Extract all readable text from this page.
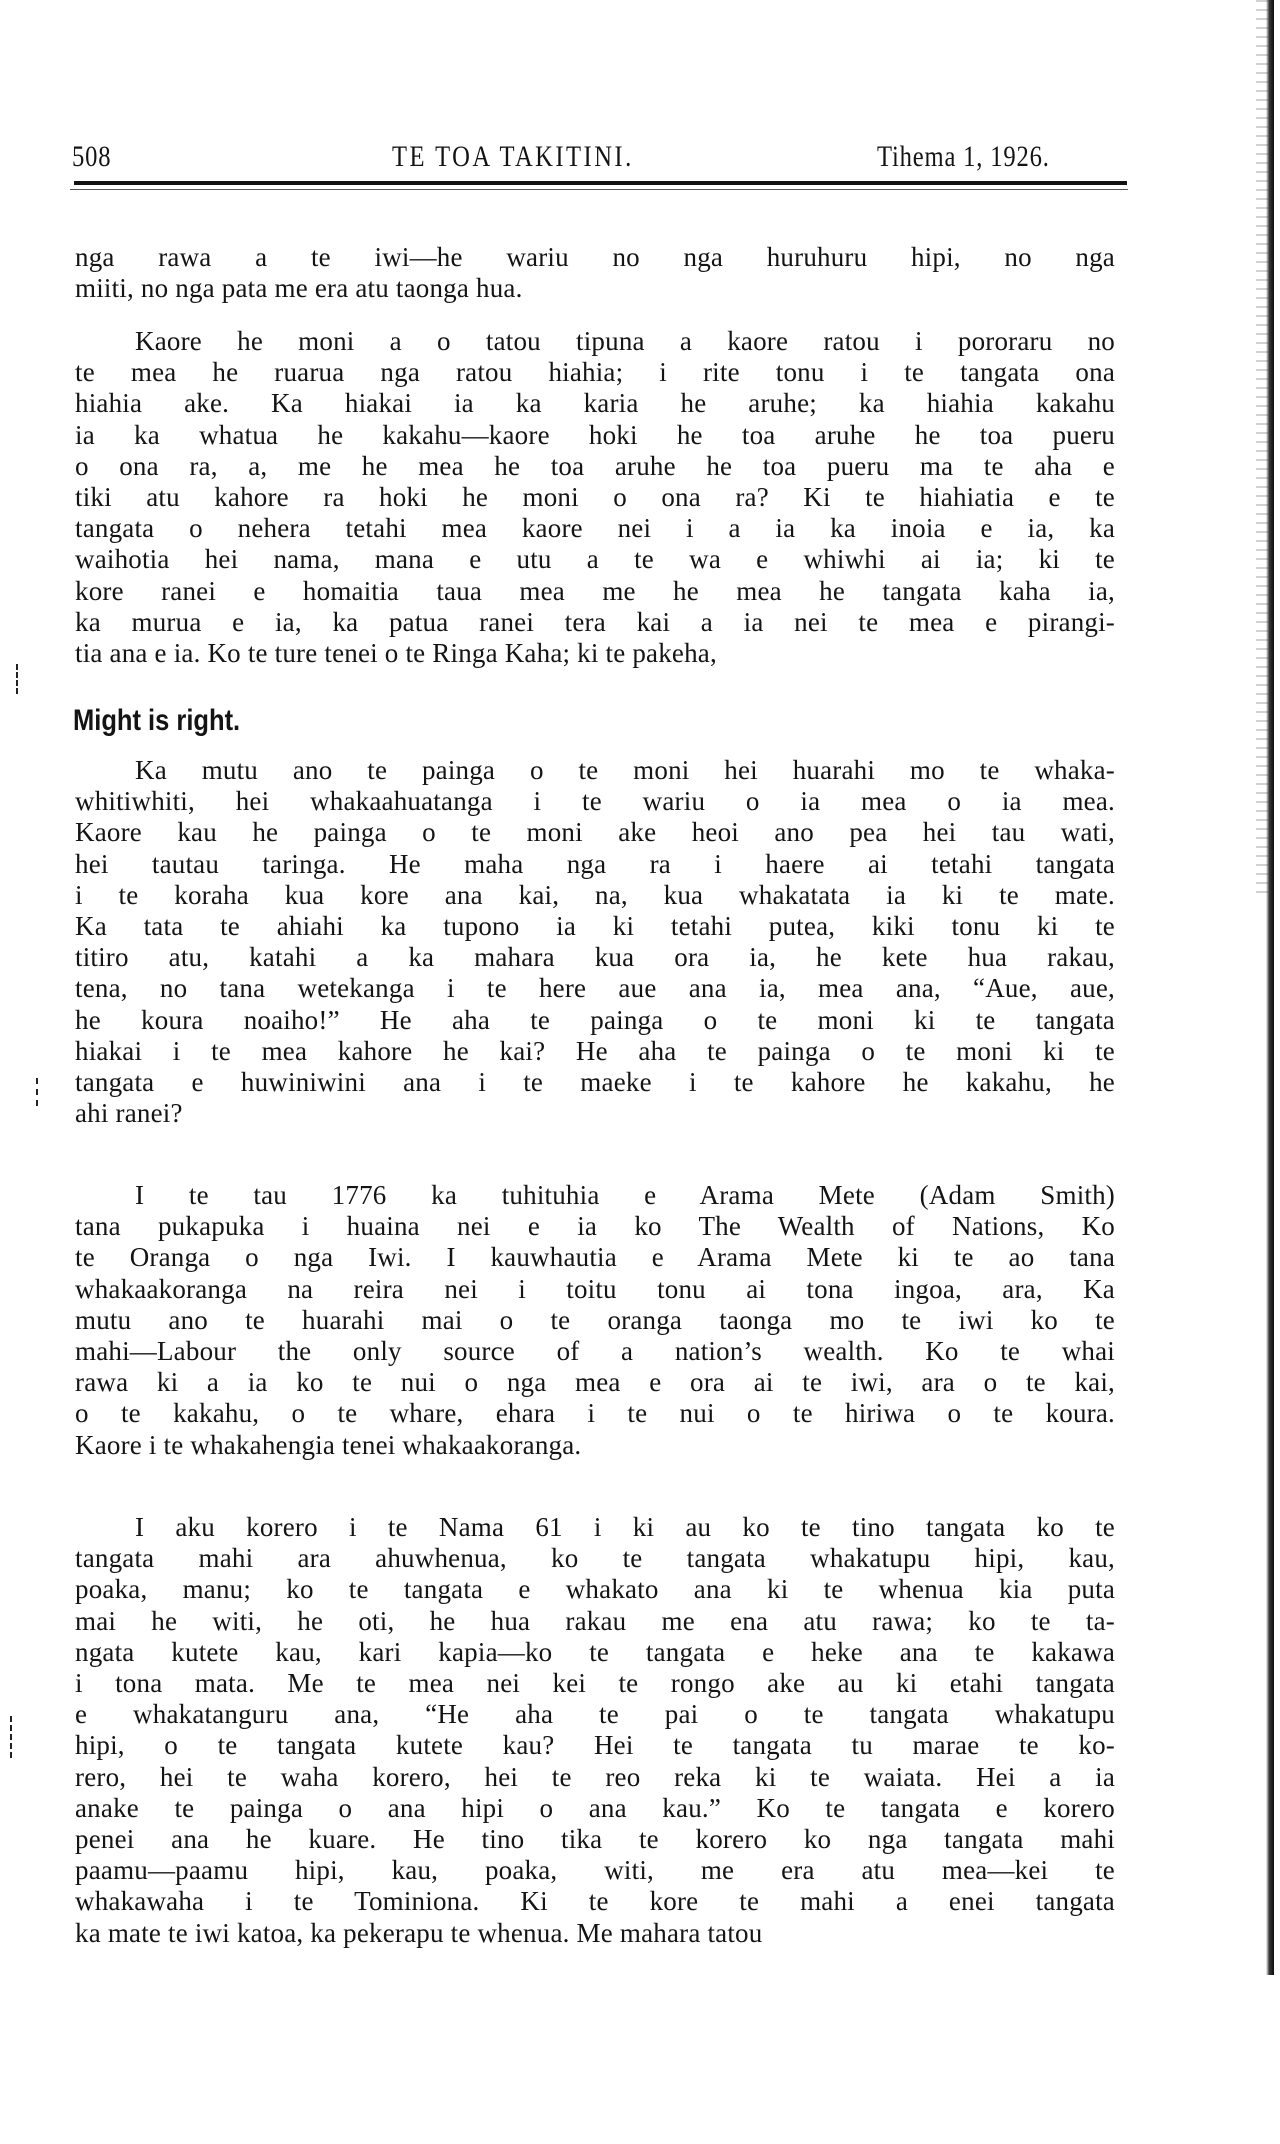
508	TE TOA TAKITINI.	Tihema 1, 1926.
nga rawa a te iwi—he wariu no nga huruhuru hipi, no nga
miiti, no nga pata me era atu taonga hua.
Kaore he moni a o tatou tipuna a kaore ratou i pororaru no
te mea he ruarua nga ratou hiahia; i rite tonu i te tangata ona
hiahia ake. Ka hiakai ia ka karia he aruhe; ka hiahia kakahu
ia ka whatua he kakahu—kaore hoki he toa aruhe he toa pueru
o ona ra, a, me he mea he toa aruhe he toa pueru ma te aha e
tiki atu kahore ra hoki he moni o ona ra? Ki te hiahiatia e te
tangata o nehera tetahi mea kaore nei i a ia ka inoia e ia, ka
waihotia hei nama, mana e utu a te wa e whiwhi ai ia; ki te
kore ranei e homaitia taua mea me he mea he tangata kaha ia,
ka murua e ia, ka patua ranei tera kai a ia nei te mea e pirangi-
tia ana e ia. Ko te ture tenei o te Ringa Kaha; ki te pakeha,
Might is right.
Ka mutu ano te painga o te moni hei huarahi mo te whaka-
whitiwhiti, hei whakaahuatanga i te wariu o ia mea o ia mea.
Kaore kau he painga o te moni ake heoi ano pea hei tau wati,
hei tautau taringa. He maha nga ra i haere ai tetahi tangata
i te koraha kua kore ana kai, na, kua whakatata ia ki te mate.
Ka tata te ahiahi ka tupono ia ki tetahi putea, kiki tonu ki te
titiro atu, katahi a ka mahara kua ora ia, he kete hua rakau,
tena, no tana wetekanga i te here aue ana ia, mea ana, “Aue, aue,
he koura noaiho!” He aha te painga o te moni ki te tangata
hiakai i te mea kahore he kai? He aha te painga o te moni ki te
tangata e huwiniwini ana i te maeke i te kahore he kakahu, he
ahi ranei?
I te tau 1776 ka tuhituhia e Arama Mete (Adam Smith)
tana pukapuka i huaina nei e ia ko The Wealth of Nations, Ko
te Oranga o nga Iwi. I kauwhautia e Arama Mete ki te ao tana
whakaakoranga na reira nei i toitu tonu ai tona ingoa, ara, Ka
mutu ano te huarahi mai o te oranga taonga mo te iwi ko te
mahi—Labour the only source of a nation’s wealth. Ko te whai
rawa ki a ia ko te nui o nga mea e ora ai te iwi, ara o te kai,
o te kakahu, o te whare, ehara i te nui o te hiriwa o te koura.
Kaore i te whakahengia tenei whakaakoranga.
I aku korero i te Nama 61 i ki au ko te tino tangata ko te
tangata mahi ara ahuwhenua, ko te tangata whakatupu hipi, kau,
poaka, manu; ko te tangata e whakato ana ki te whenua kia puta
mai he witi, he oti, he hua rakau me ena atu rawa; ko te ta-
ngata kutete kau, kari kapia—ko te tangata e heke ana te kakawa
i tona mata. Me te mea nei kei te rongo ake au ki etahi tangata
e whakatanguru ana, “He aha te pai o te tangata whakatupu
hipi, o te tangata kutete kau? Hei te tangata tu marae te ko-
rero, hei te waha korero, hei te reo reka ki te waiata. Hei a ia
anake te painga o ana hipi o ana kau.” Ko te tangata e korero
penei ana he kuare. He tino tika te korero ko nga tangata mahi
paamu—paamu hipi, kau, poaka, witi, me era atu mea—kei te
whakawaha i te Tominiona. Ki te kore te mahi a enei tangata
ka mate te iwi katoa, ka pekerapu te whenua. Me mahara tatou
